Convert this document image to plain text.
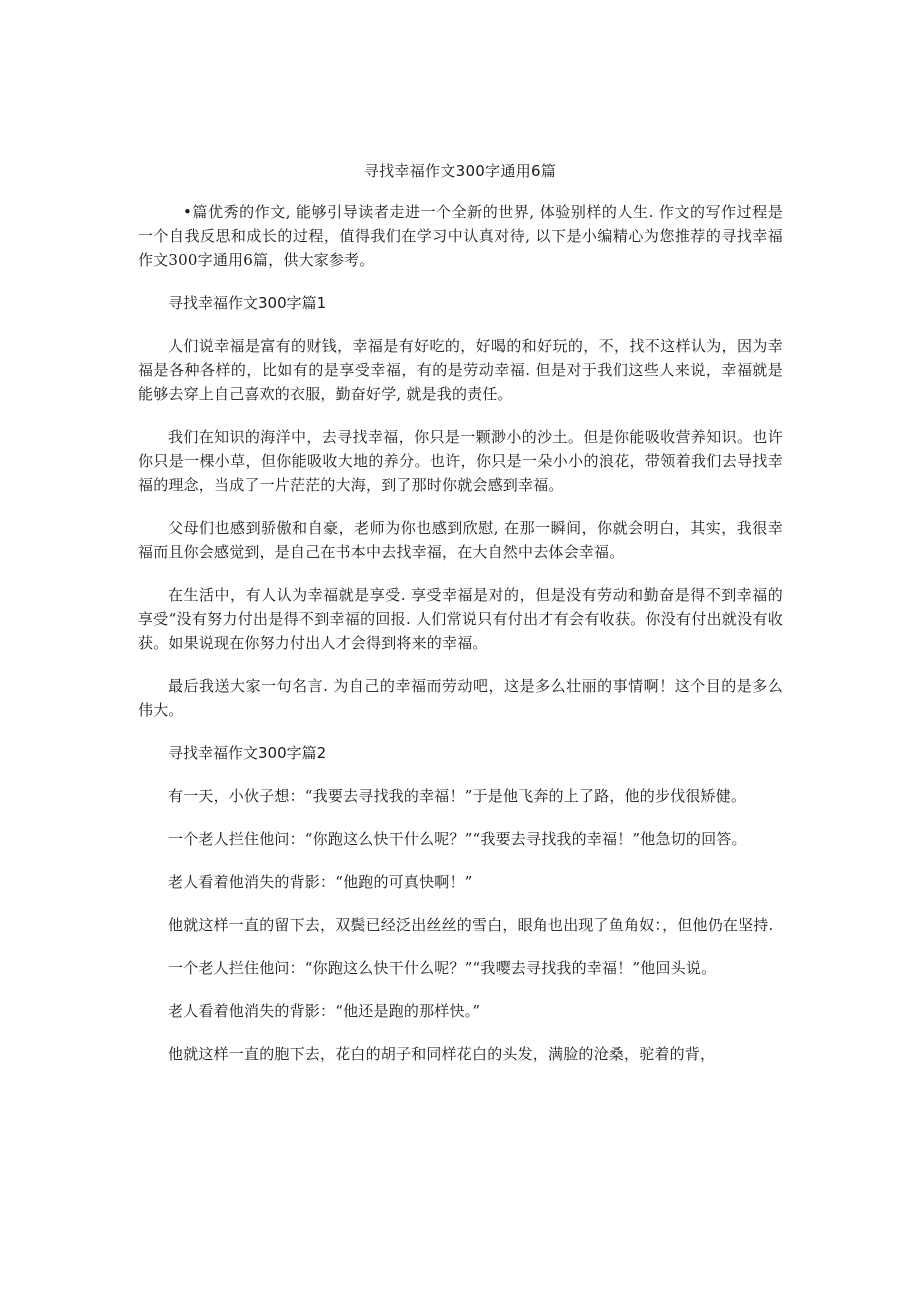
寻找幸福作文300字通用6篇

•篇优秀的作文, 能够引导读者走进一个全新的世界, 体验别样的人生. 作文的写作过程是一个自我反思和成长的过程，值得我们在学习中认真对待, 以下是小编精心为您推荐的寻找幸福作文300字通用6篇，供大家参考。

寻找幸福作文300字篇1

人们说幸福是富有的财钱，幸福是有好吃的，好喝的和好玩的，不，找不这样认为，因为幸福是各种各样的，比如有的是享受幸福，有的是劳动幸福. 但是对于我们这些人来说，幸福就是能够去穿上自己喜欢的衣服，勤奋好学, 就是我的责任。

我们在知识的海洋中，去寻找幸福，你只是一颗渺小的沙土。但是你能吸收营养知识。也许你只是一棵小草，但你能吸收大地的养分。也许，你只是一朵小小的浪花，带领着我们去导找幸福的理念，当成了一片茫茫的大海，到了那时你就会感到幸福。

父母们也感到骄傲和自豪，老师为你也感到欣慰, 在那一瞬间，你就会明白，其实，我很幸福而且你会感觉到，是自己在书本中去找幸福，在大自然中去体会幸福。

在生活中，有人认为幸福就是享受. 享受幸福是对的，但是没有劳动和勤奋是得不到幸福的享受“没有努力付出是得不到幸福的回报. 人们常说只有付出才有会有收获。你没有付出就没有收获。如果说现在你努力付出人才会得到将来的幸福。

最后我送大家一句名言. 为自己的幸福而劳动吧，这是多么壮丽的事情啊！这个目的是多么伟大。

寻找幸福作文300字篇2

有一天，小伙子想：“我要去寻找我的幸福！”于是他飞奔的上了路，他的步伐很矫健。

一个老人拦住他问：“你跑这么快干什么呢？”“我要去寻找我的幸福！”他急切的回答。

老人看着他消失的背影：“他跑的可真快啊！”

他就这样一直的留下去，双鬓已经泛出丝丝的雪白，眼角也出现了鱼角奴：，但他仍在坚持.

一个老人拦住他问：“你跑这么快干什么呢？”“我嘤去寻找我的幸福！”他回头说。

老人看着他消失的背影：“他还是跑的那样快。”

他就这样一直的胞下去，花白的胡子和同样花白的头发，满脸的沧桑，驼着的背，
